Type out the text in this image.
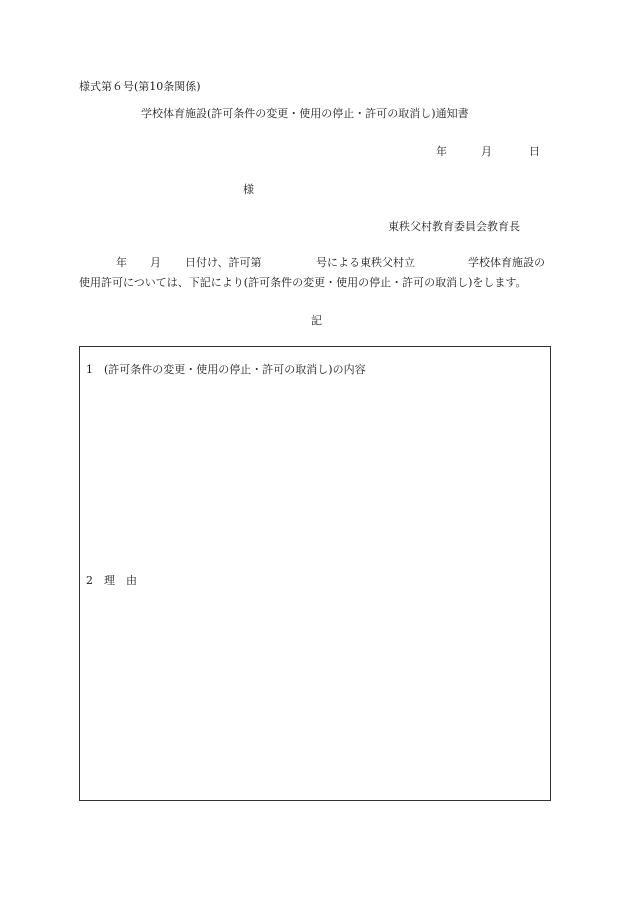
様式第６号(第10条関係)
学校体育施設(許可条件の変更・使用の停止・許可の取消し)通知書
年	月	日
様
東秩父村教育委員会教育長
年 月 日付け、許可第	号による東秩父村立	学校体育施設の
使用許可については、下記により(許可条件の変更・使用の停止・許可の取消し)をします。
記
1 (許可条件の変更・使用の停止・許可の取消し)の内容
2 理 由
